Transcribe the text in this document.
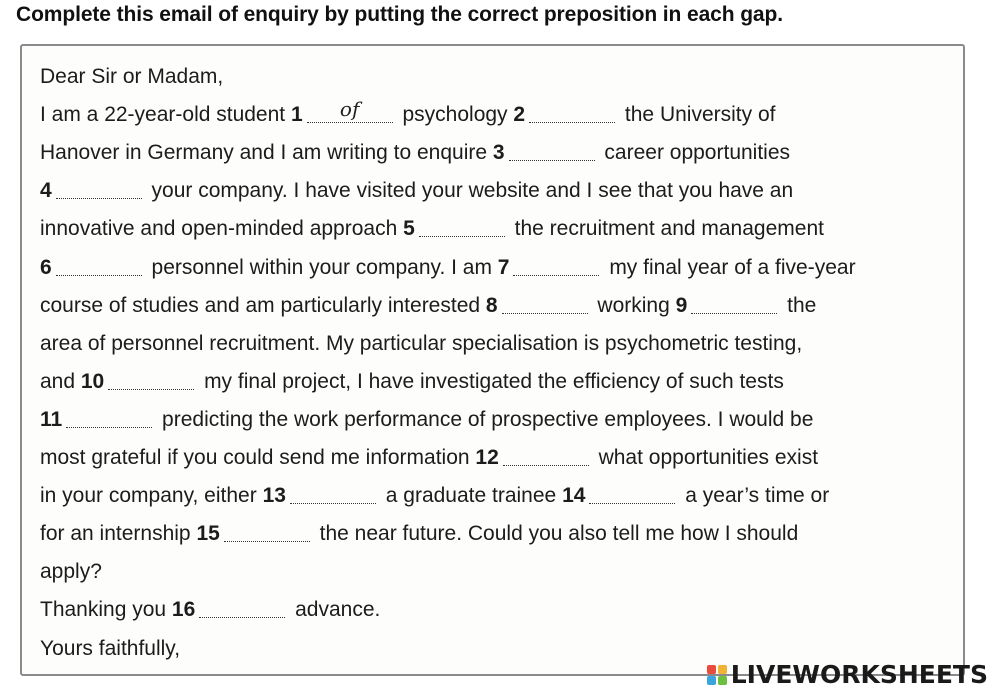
Complete this email of enquiry by putting the correct preposition in each gap.
Dear Sir or Madam,
I am a 22-year-old student 1	of	psychology 2	the University of
Hanover in Germany and I am writing to enquire 3	career opportunities
4	your company. I have visited your website and I see that you have an
innovative and open-minded approach 5	the recruitment and management
6	personnel within your company. I am 7	my final year of a five-year
course of studies and am particularly interested 8	working 9	the
area of personnel recruitment. My particular specialisation is psychometric testing,
and 10	my final project, I have investigated the efficiency of such tests
11	predicting the work performance of prospective employees. I would be
most grateful if you could send me information 12	what opportunities exist
in your company, either 13	a graduate trainee 14	a year’s time or
for an internship 15	the near future. Could you also tell me how I should
apply?
Thanking you 16	advance.
Yours faithfully,
LIVEWORKSHEETS
